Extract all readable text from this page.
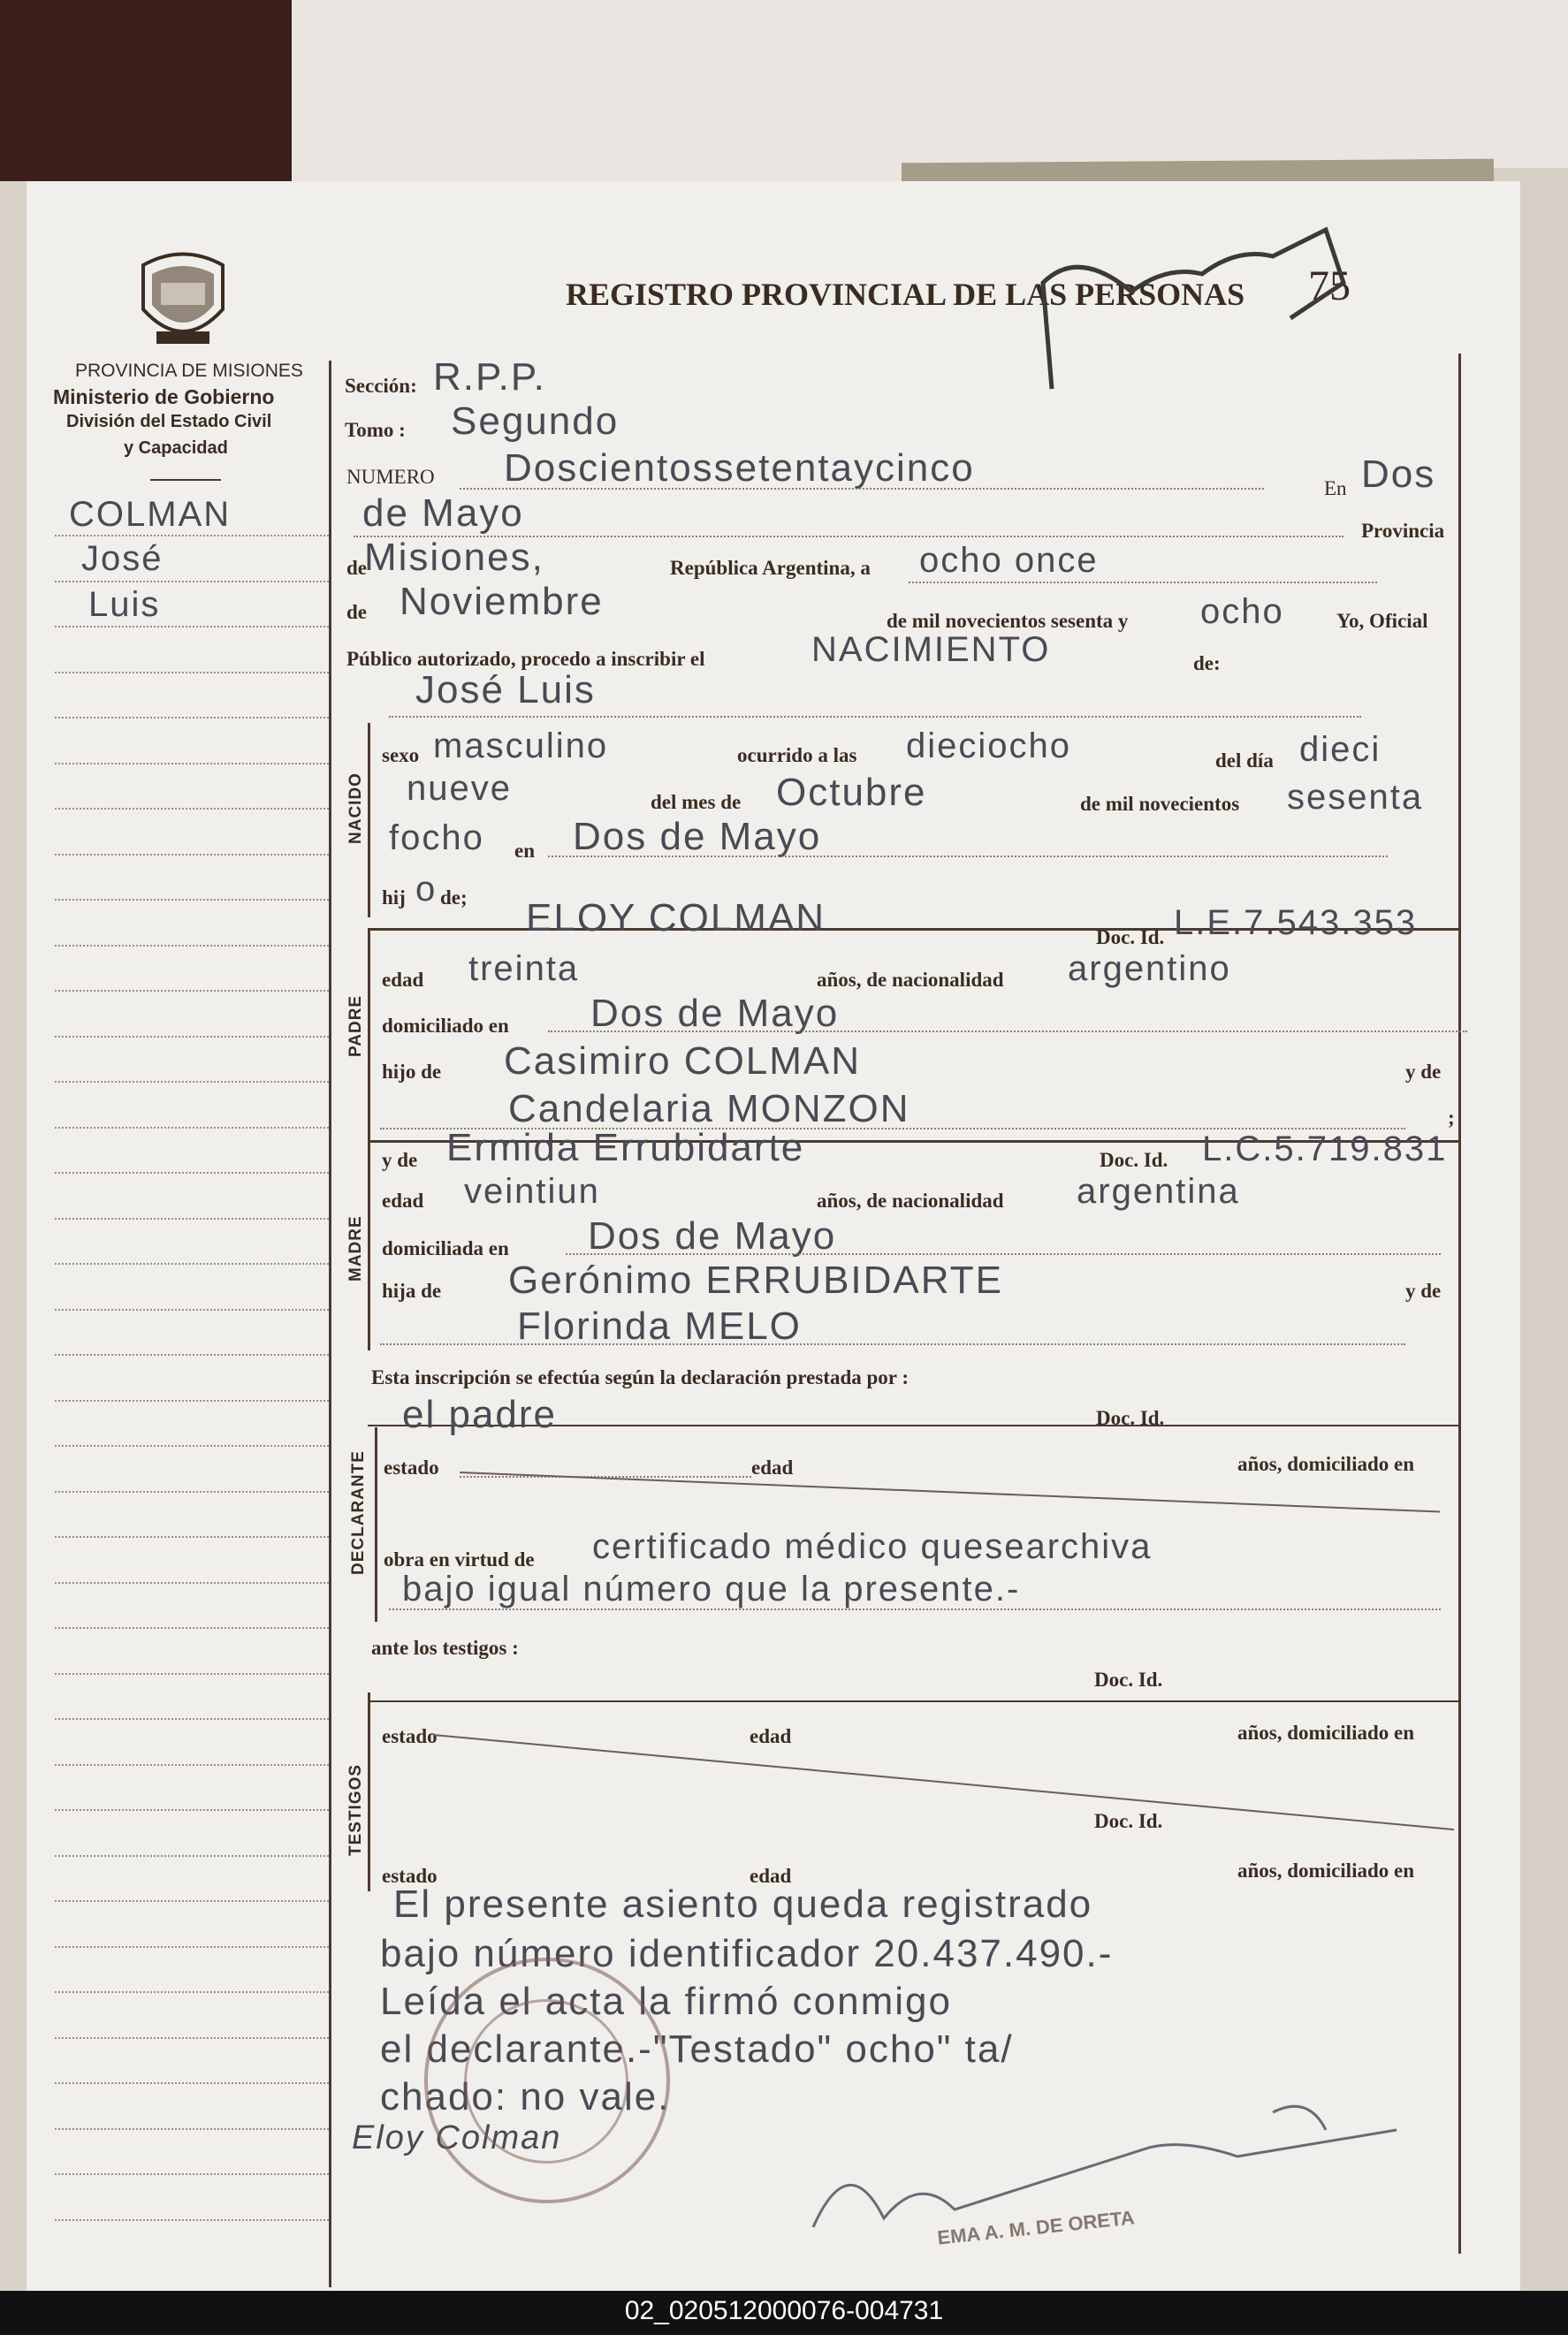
PROVINCIA DE MISIONES
Ministerio de Gobierno
División del Estado Civil
y Capacidad
COLMAN
José
Luis
REGISTRO PROVINCIAL DE LAS PERSONAS 75
Sección: R.P.P.
Tomo : Segundo
NUMERO Doscientossetentaycinco	En Dos
de Mayo	Provincia
de
Misiones,	República Argentina, a ocho once
de Noviembre	de mil novecientos sesenta y ocho	Yo, Oficial
Público autorizado, procedo a inscribir el	NACIMIENTO	de:
José Luis
NACIDO
sexo masculino	ocurrido a las dieciocho	del día dieci
nueve	del mes de Octubre	de mil novecientos sesenta
focho en Dos de Mayo
hij o de;
PADRE
ELOY COLMAN	Doc. Id. L.E.7.543.353
edad treinta	años, de nacionalidad argentino
domiciliado en Dos de Mayo
hijo de Casimiro COLMAN	y de
Candelaria MONZON	;
MADRE
y de Ermida Errubidarte	Doc. Id. L.C.5.719.831
edad veintiun	años, de nacionalidad argentina
domiciliada en Dos de Mayo
hija de Gerónimo ERRUBIDARTE	y de
Florinda MELO
Esta inscripción se efectúa según la declaración prestada por :
DECLARANTE
el padre	Doc. Id.
estado	edad	años, domiciliado en
obra en virtud de certificado médico quesearchiva
bajo igual número que la presente.-
ante los testigos :
TESTIGOS
Doc. Id.
estado	edad	años, domiciliado en
Doc. Id.
estado	edad	años, domiciliado en
El presente asiento queda registrado
bajo número identificador 20.437.490.-
Leída el acta la firmó conmigo
el declarante.-"Testado" ocho" ta/
chado: no vale.
Eloy Colman
EMA A. M. DE ORETA
02_020512000076-004731
